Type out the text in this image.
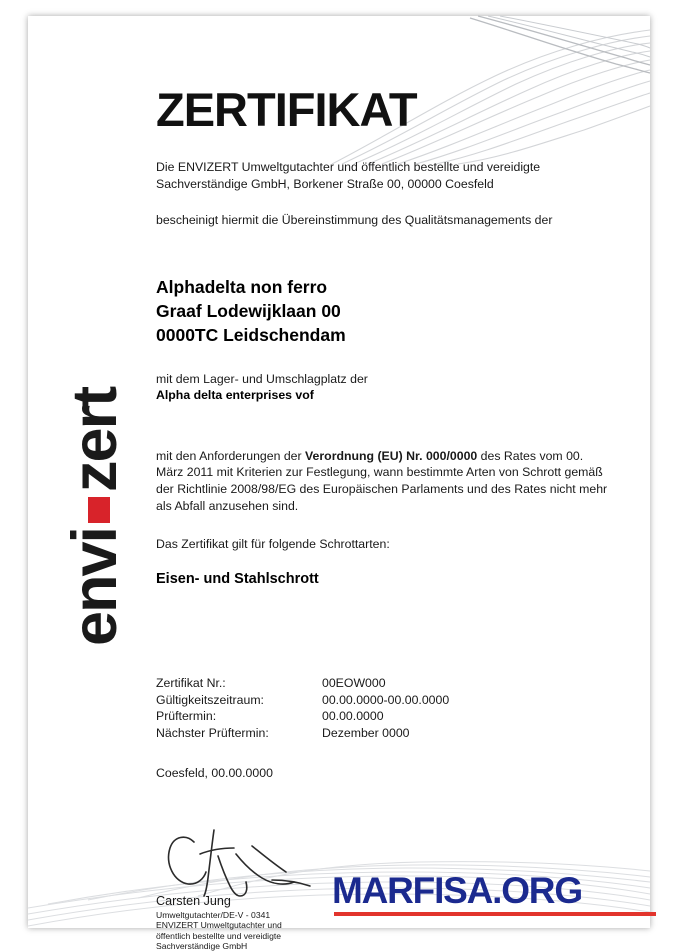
envi
zert
ZERTIFIKAT

Die ENVIZERT Umweltgutachter und öffentlich bestellte und vereidigte Sachverständige GmbH, Borkener Straße 00, 00000 Coesfeld

bescheinigt hiermit die Übereinstimmung des Qualitätsmanagements der

Alphadelta non ferro
Graaf Lodewijklaan 00
0000TC Leidschendam

mit dem Lager- und Umschlagplatz der

Alpha delta enterprises vof

mit den Anforderungen der Verordnung (EU) Nr. 000/0000 des Rates vom 00. März 2011 mit Kriterien zur Festlegung, wann bestimmte Arten von Schrott gemäß der Richtlinie 2008/98/EG des Europäischen Parlaments und des Rates nicht mehr als Abfall anzusehen sind.

Das Zertifikat gilt für folgende Schrottarten:

Eisen- und Stahlschrott

Zertifikat Nr.:	00EOW000
Gültigkeitszeitraum:	00.00.0000-00.00.0000
Prüftermin:	00.00.0000
Nächster Prüftermin:	Dezember 0000

Coesfeld, 00.00.0000

Carsten Jung
Umweltgutachter/DE-V - 0341
ENVIZERT Umweltgutachter und
öffentlich bestellte und vereidigte
Sachverständige GmbH
MARFISA.ORG
